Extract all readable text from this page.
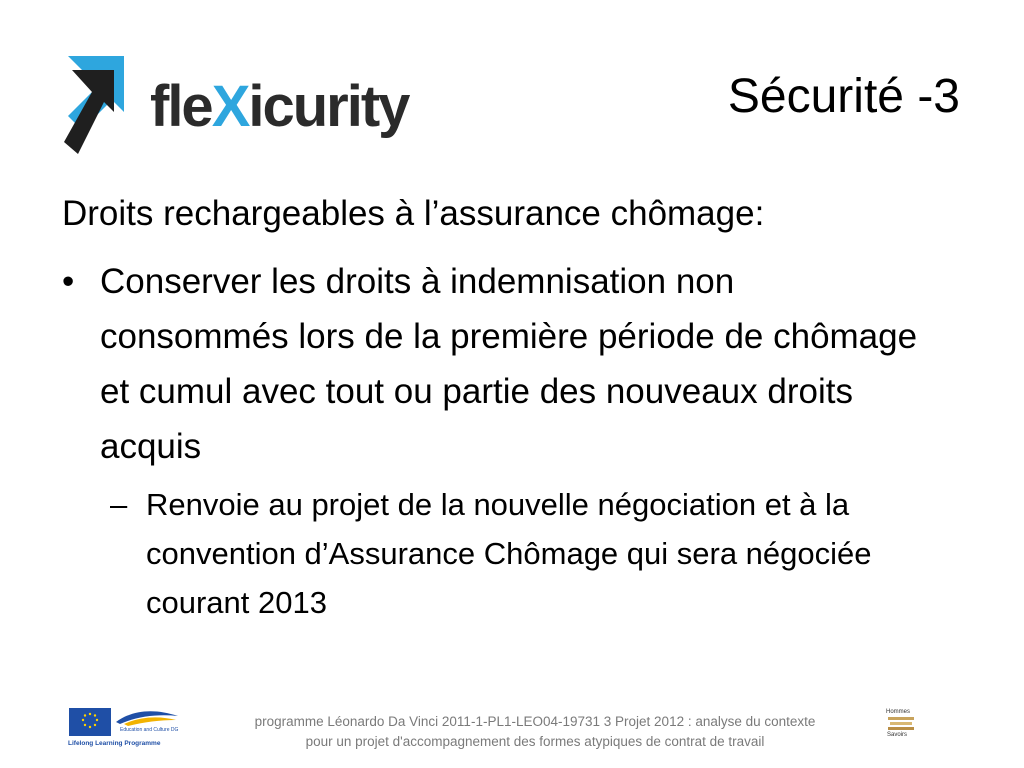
fleXicurity	Sécurité -3
Droits rechargeables à l’assurance chômage:
• Conserver les droits à indemnisation non consommés lors de la première période de chômage et cumul avec tout ou partie des nouveaux droits acquis
– Renvoie au projet de la nouvelle négociation et à la convention d’Assurance Chômage qui sera négociée courant 2013
Education and Culture DG
Lifelong Learning Programme
programme Léonardo Da Vinci 2011-1-PL1-LEO04-19731 3 Projet 2012 : analyse du contexte
pour un projet d'accompagnement des formes atypiques de contrat de travail
Hommes
Savoirs
